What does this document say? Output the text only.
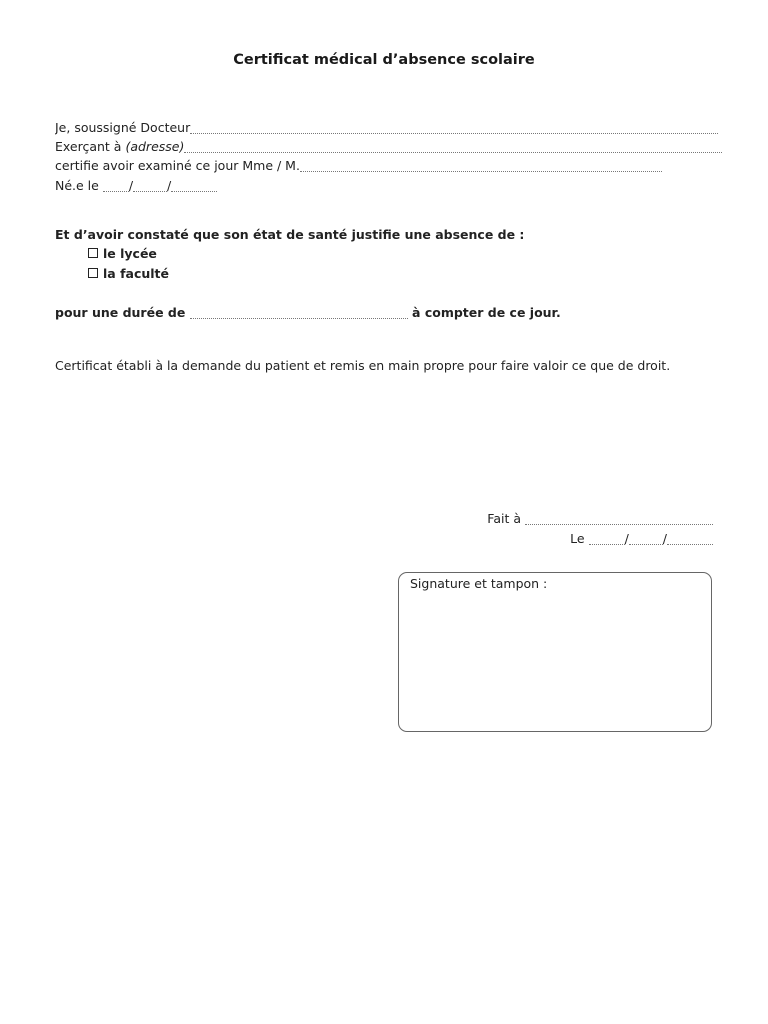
Certificat médical d’absence scolaire
Je, soussigné Docteur
Exerçant à (adresse)
certifie avoir examiné ce jour Mme / M.
Né.e le /	/
Et d’avoir constaté que son état de santé justifie une absence de :
le lycée
la faculté
pour une durée de	à compter de ce jour.
Certificat établi à la demande du patient et remis en main propre pour faire valoir ce que de droit.
Fait à
Le	/	/
Signature et tampon :
